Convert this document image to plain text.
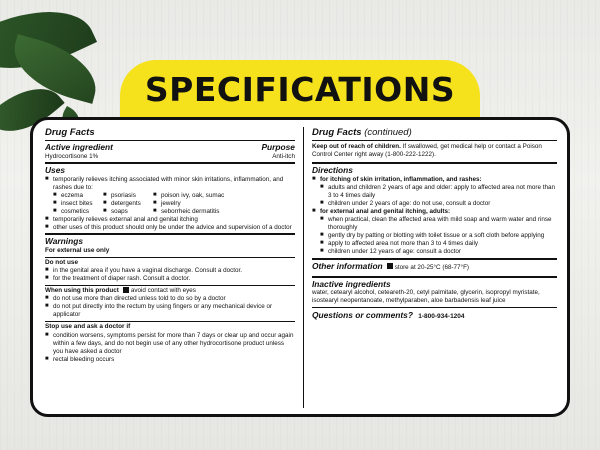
SPECIFICATIONS
Drug Facts
Active ingredient	Purpose
Hydrocortisone 1%	Anti-itch
Uses
■ temporarily relieves itching associated with minor skin irritations, inflammation, and rashes due to:
■ eczema	■ psoriasis	■ poison ivy, oak, sumac
■ insect bites	■ detergents	■ jewelry
■ cosmetics	■ soaps	■ seborrheic dermatitis
■ temporarily relieves external anal and genital itching
■ other uses of this product should only be under the advice and supervision of a doctor
Warnings
For external use only
Do not use
■ in the genital area if you have a vaginal discharge. Consult a doctor.
■ for the treatment of diaper rash. Consult a doctor.
When using this product avoid contact with eyes
■ do not use more than directed unless told to do so by a doctor
■ do not put directly into the rectum by using fingers or any mechanical device or applicator
Stop use and ask a doctor if
■ condition worsens, symptoms persist for more than 7 days or clear up and occur again within a few days, and do not begin use of any other hydrocortisone product unless you have asked a doctor
■ rectal bleeding occurs
Drug Facts (continued)
Keep out of reach of children. If swallowed, get medical help or contact a Poison Control Center right away (1-800-222-1222).
Directions
■ for itching of skin irritation, inflammation, and rashes:
■ adults and children 2 years of age and older: apply to affected area not more than 3 to 4 times daily
■ children under 2 years of age: do not use, consult a doctor
■ for external anal and genital itching, adults:
■ when practical, clean the affected area with mild soap and warm water and rinse thoroughly
■ gently dry by patting or blotting with toilet tissue or a soft cloth before applying
■ apply to affected area not more than 3 to 4 times daily
■ children under 12 years of age: consult a doctor
Other information store at 20-25°C (68-77°F)
Inactive ingredients
water, cetearyl alcohol, ceteareth-20, cetyl palmitate, glycerin, isopropyl myristate, isostearyl neopentanoate, methylparaben, aloe barbadensis leaf juice
Questions or comments? 1-800-934-1204
